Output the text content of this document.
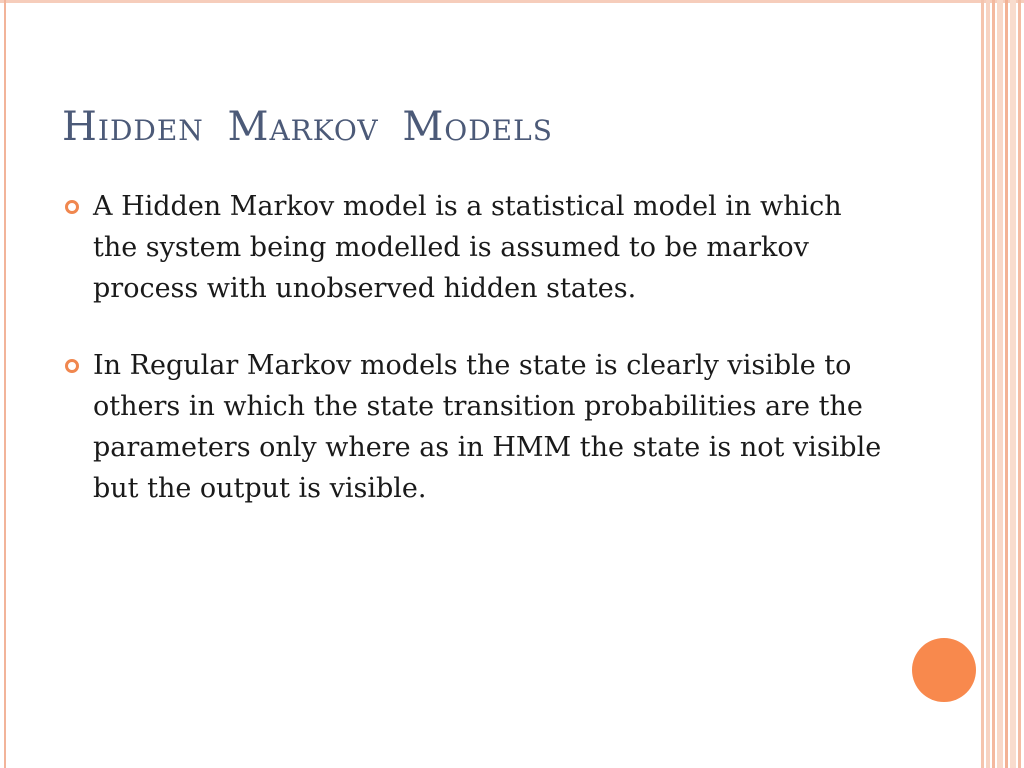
Hidden Markov Models
A Hidden Markov model is a statistical model in which the system being modelled is assumed to be markov process with unobserved hidden states.
In Regular Markov models the state is clearly visible to others in which the state transition probabilities are the parameters only where as in HMM the state is not visible but the output is visible.
